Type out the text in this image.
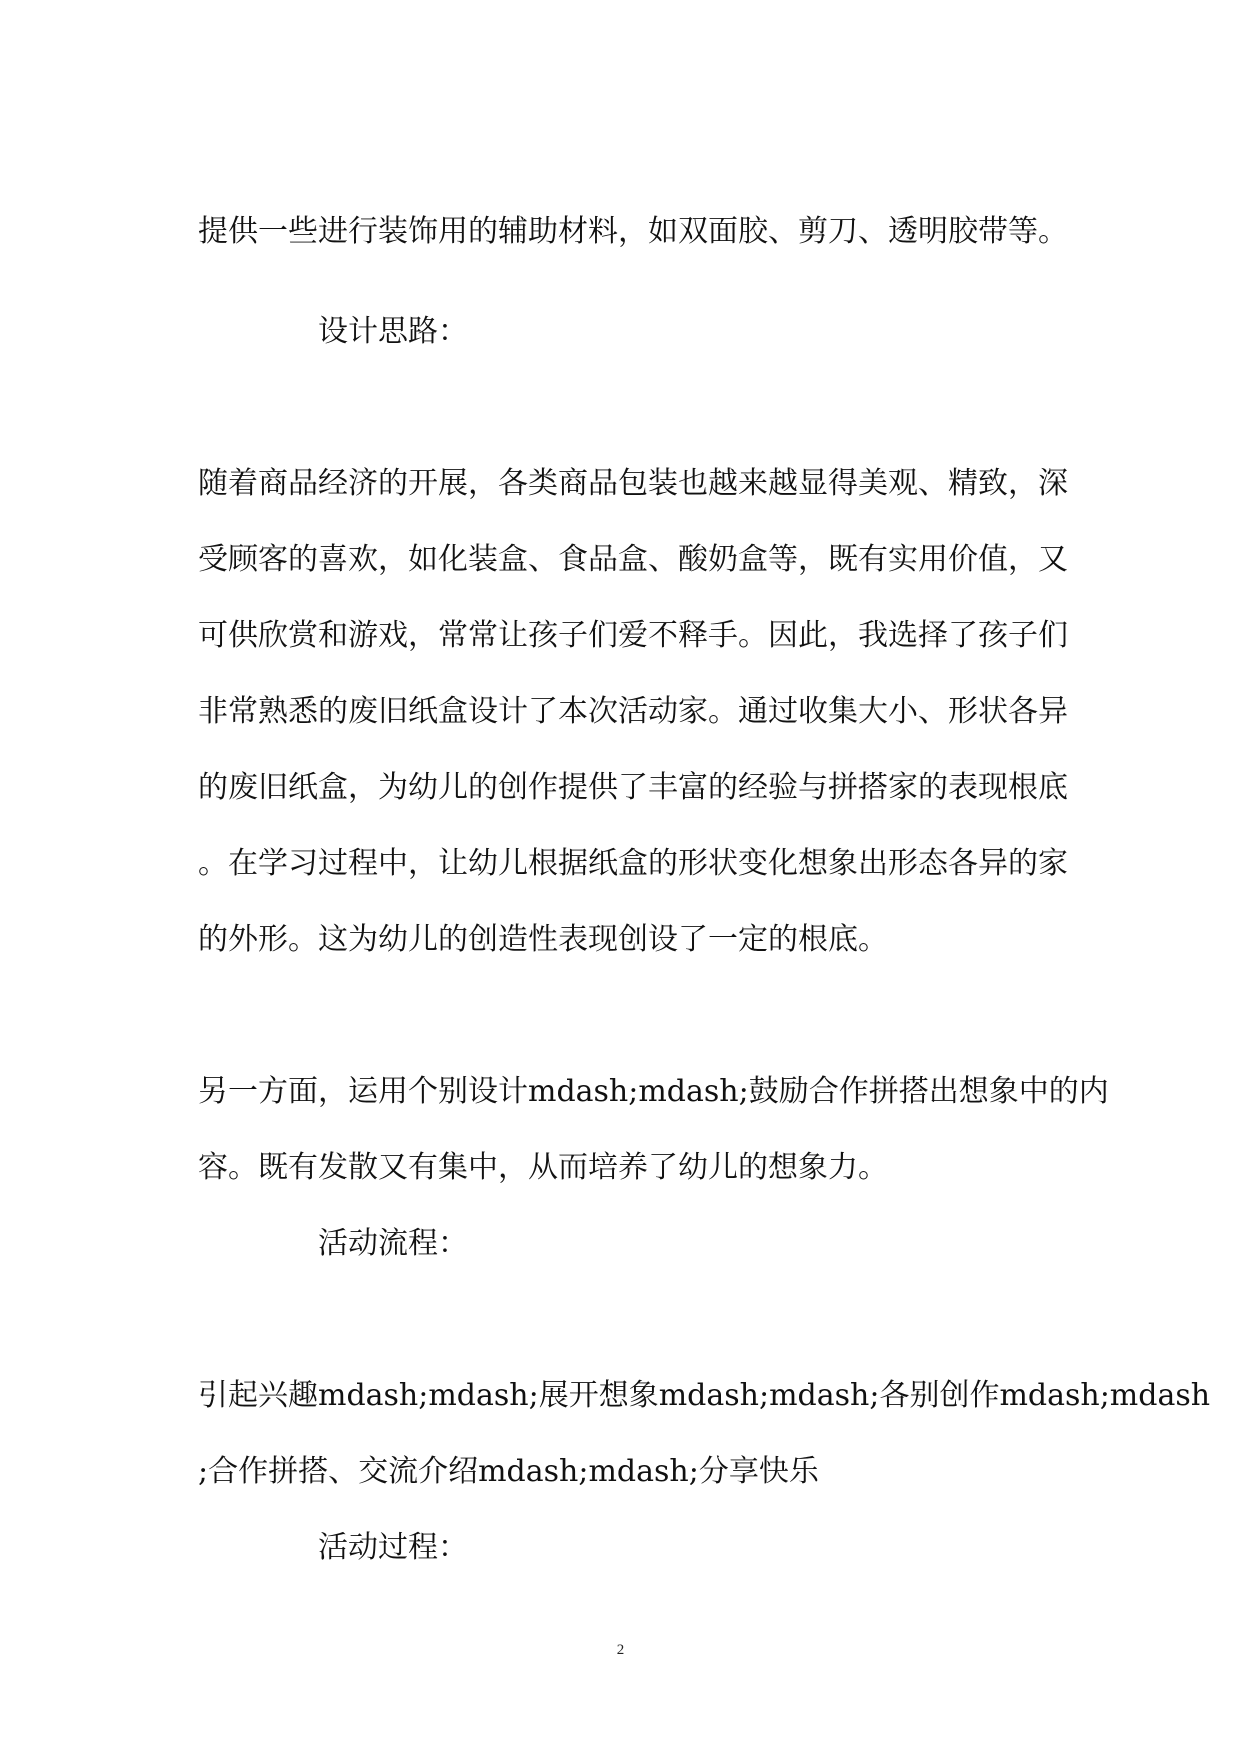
提供一些进行装饰用的辅助材料，如双面胶、剪刀、透明胶带等。
设计思路：
随着商品经济的开展，各类商品包装也越来越显得美观、精致，深
受顾客的喜欢，如化装盒、食品盒、酸奶盒等，既有实用价值，又
可供欣赏和游戏，常常让孩子们爱不释手。因此，我选择了孩子们
非常熟悉的废旧纸盒设计了本次活动家。通过收集大小、形状各异
的废旧纸盒，为幼儿的创作提供了丰富的经验与拼搭家的表现根底
。在学习过程中，让幼儿根据纸盒的形状变化想象出形态各异的家
的外形。这为幼儿的创造性表现创设了一定的根底。
另一方面，运用个别设计mdash;mdash;鼓励合作拼搭出想象中的内
容。既有发散又有集中，从而培养了幼儿的想象力。
活动流程：
引起兴趣mdash;mdash;展开想象mdash;mdash;各别创作mdash;mdash
;合作拼搭、交流介绍mdash;mdash;分享快乐
活动过程：
2
